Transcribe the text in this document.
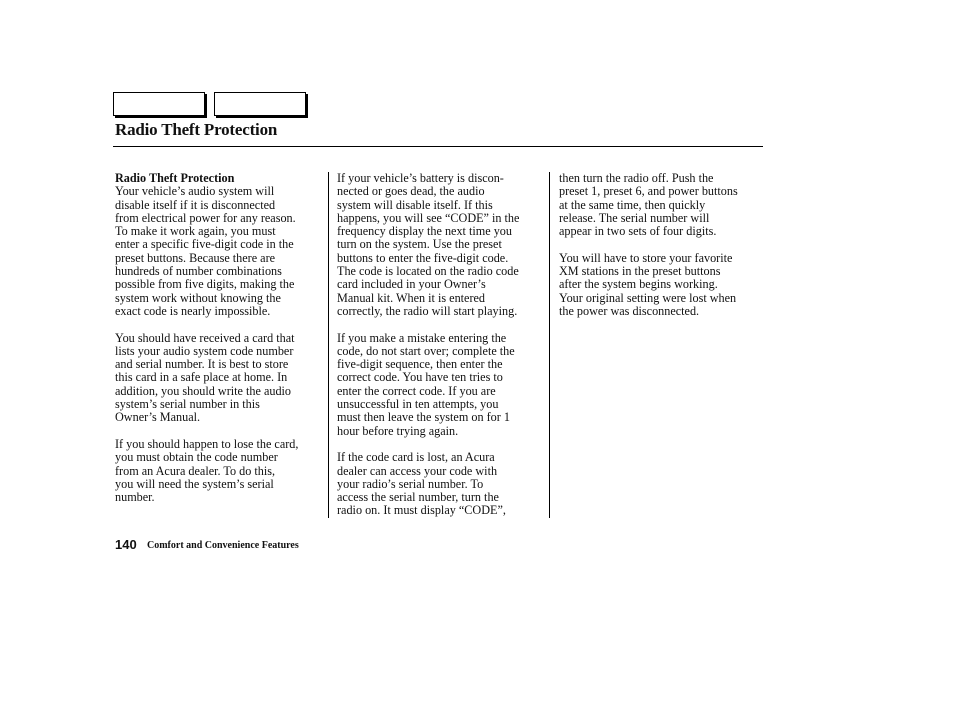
Radio Theft Protection
Radio Theft Protection
Your vehicle’s audio system will
disable itself if it is disconnected
from electrical power for any reason.
To make it work again, you must
enter a specific five-digit code in the
preset buttons. Because there are
hundreds of number combinations
possible from five digits, making the
system work without knowing the
exact code is nearly impossible.
You should have received a card that
lists your audio system code number
and serial number. It is best to store
this card in a safe place at home. In
addition, you should write the audio
system’s serial number in this
Owner’s Manual.
If you should happen to lose the card,
you must obtain the code number
from an Acura dealer. To do this,
you will need the system’s serial
number.
If your vehicle’s battery is discon-
nected or goes dead, the audio
system will disable itself. If this
happens, you will see “CODE” in the
frequency display the next time you
turn on the system. Use the preset
buttons to enter the five-digit code.
The code is located on the radio code
card included in your Owner’s
Manual kit. When it is entered
correctly, the radio will start playing.
If you make a mistake entering the
code, do not start over; complete the
five-digit sequence, then enter the
correct code. You have ten tries to
enter the correct code. If you are
unsuccessful in ten attempts, you
must then leave the system on for 1
hour before trying again.
If the code card is lost, an Acura
dealer can access your code with
your radio’s serial number. To
access the serial number, turn the
radio on. It must display “CODE”,
then turn the radio off. Push the
preset 1, preset 6, and power buttons
at the same time, then quickly
release. The serial number will
appear in two sets of four digits.
You will have to store your favorite
XM stations in the preset buttons
after the system begins working.
Your original setting were lost when
the power was disconnected.
140 Comfort and Convenience Features
